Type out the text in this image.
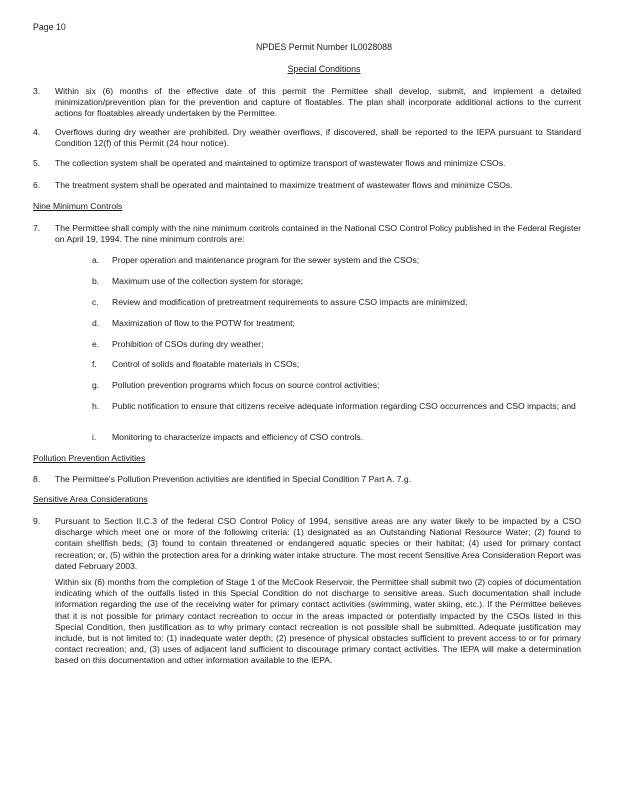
Page 10
NPDES Permit Number IL0028088
Special Conditions
3. Within six (6) months of the effective date of this permit the Permittee shall develop, submit, and implement a detailed minimization/prevention plan for the prevention and capture of floatables. The plan shall incorporate additional actions to the current actions for floatables already undertaken by the Permittee.
4. Overflows during dry weather are prohibited. Dry weather overflows, if discovered, shall be reported to the IEPA pursuant to Standard Condition 12(f) of this Permit (24 hour notice).
5. The collection system shall be operated and maintained to optimize transport of wastewater flows and minimize CSOs.
6. The treatment system shall be operated and maintained to maximize treatment of wastewater flows and minimize CSOs.
Nine Minimum Controls
7. The Permittee shall comply with the nine minimum controls contained in the National CSO Control Policy published in the Federal Register on April 19, 1994. The nine minimum controls are:
a. Proper operation and maintenance program for the sewer system and the CSOs;
b. Maximum use of the collection system for storage;
c. Review and modification of pretreatment requirements to assure CSO impacts are minimized;
d. Maximization of flow to the POTW for treatment;
e. Prohibition of CSOs during dry weather;
f. Control of solids and floatable materials in CSOs;
g. Pollution prevention programs which focus on source control activities;
h. Public notification to ensure that citizens receive adequate information regarding CSO occurrences and CSO impacts; and
i. Monitoring to characterize impacts and efficiency of CSO controls.
Pollution Prevention Activities
8. The Permittee's Pollution Prevention activities are identified in Special Condition 7 Part A. 7.g.
Sensitive Area Considerations
9. Pursuant to Section II.C.3 of the federal CSO Control Policy of 1994, sensitive areas are any water likely to be impacted by a CSO discharge which meet one or more of the following criteria: (1) designated as an Outstanding National Resource Water; (2) found to contain shellfish beds; (3) found to contain threatened or endangered aquatic species or their habitat; (4) used for primary contact recreation; or, (5) within the protection area for a drinking water intake structure. The most recent Sensitive Area Consideration Report was dated February 2003.
Within six (6) months from the completion of Stage 1 of the McCook Reservoir, the Permittee shall submit two (2) copies of documentation indicating which of the outfalls listed in this Special Condition do not discharge to sensitive areas. Such documentation shall include information regarding the use of the receiving water for primary contact activities (swimming, water skiing, etc.). If the Permittee believes that it is not possible for primary contact recreation to occur in the areas impacted or potentially impacted by the CSOs listed in this Special Condition, then justification as to why primary contact recreation is not possible shall be submitted. Adequate justification may include, but is not limited to: (1) inadequate water depth; (2) presence of physical obstacles sufficient to prevent access to or for primary contact recreation; and, (3) uses of adjacent land sufficient to discourage primary contact activities. The IEPA will make a determination based on this documentation and other information available to the IEPA.
